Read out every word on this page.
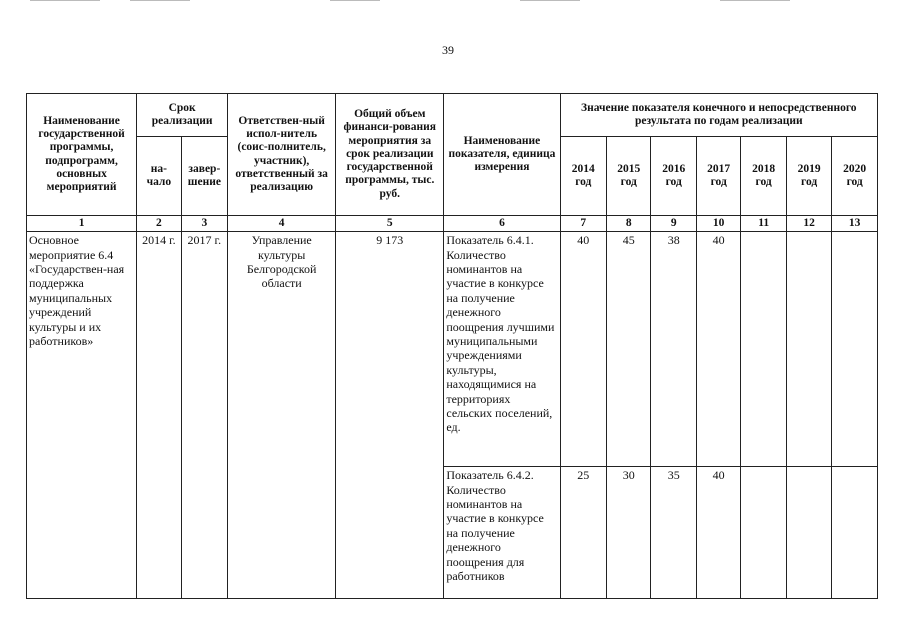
39
Наименование государственной программы, подпрограмм, основных мероприятий	Срок реализации		Ответствен-ный испол-нитель (соис-полнитель, участник), ответственный за реализацию	Общий объем финанси-рования мероприятия за срок реализации государственной программы, тыс. руб.	Наименование показателя, единица измерения	Значение показателя конечного и непосредственного результата по годам реализации						
	на-чало	завер-шение				2014 год	2015 год	2016 год	2017 год	2018 год	2019 год	2020 год
1	2	3	4	5	6	7	8	9	10	11	12	13
Основное мероприятие 6.4 «Государствен-ная поддержка муниципальных учреждений культуры и их работников»	2014 г.	2017 г.	Управление культуры Белгородской области	9 173	Показатель 6.4.1. Количество номинантов на участие в конкурсе на получение денежного поощрения лучшими муниципальными учреждениями культуры, находящимися на территориях сельских поселений, ед.	40	45	38	40			
					Показатель 6.4.2. Количество номинантов на участие в конкурсе на получение денежного поощрения для работников	25	30	35	40			
